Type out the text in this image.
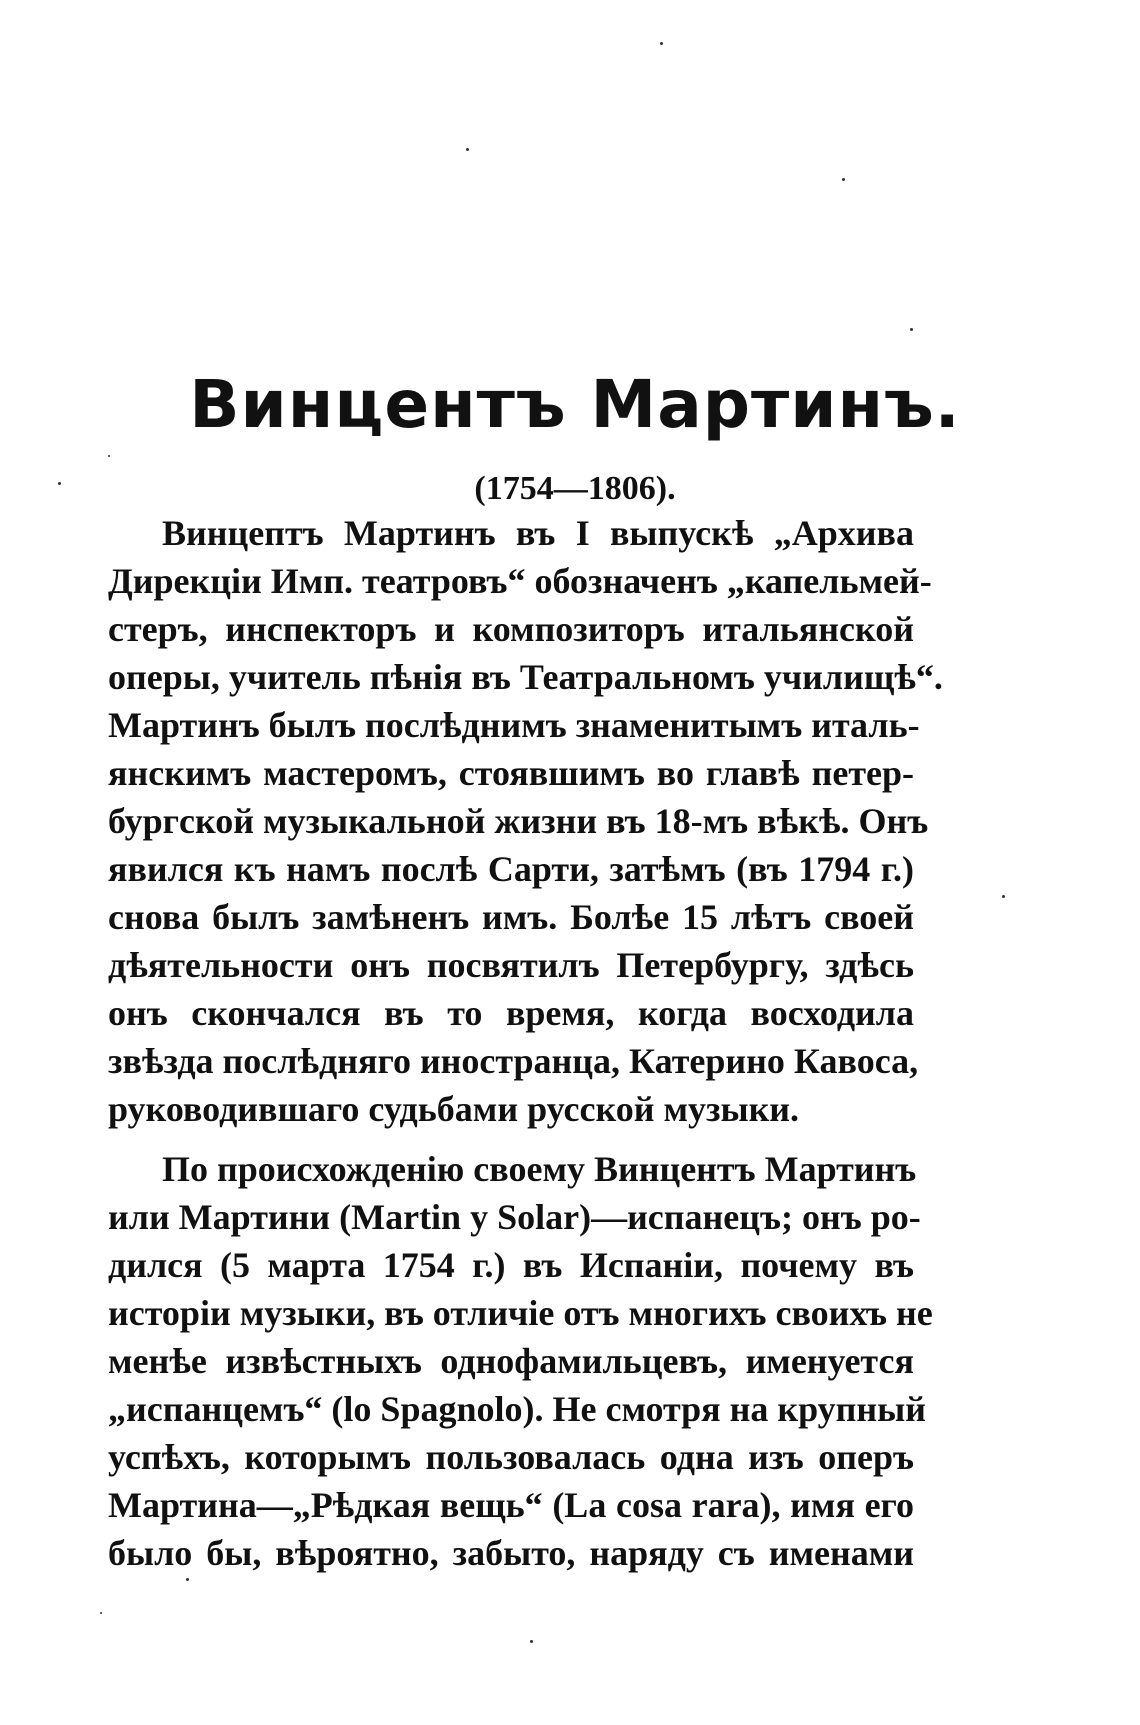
Винцентъ Мартинъ.
(1754—1806).
Винцептъ Мартинъ въ I выпускѣ „Архива
Дирекціи Имп. театровъ“ обозначенъ „капельмей-
стеръ, инспекторъ и композиторъ итальянской
оперы, учитель пѣнія въ Театральномъ училищѣ“.
Мартинъ былъ послѣднимъ знаменитымъ италь-
янскимъ мастеромъ, стоявшимъ во главѣ петер-
бургской музыкальной жизни въ 18-мъ вѣкѣ. Онъ
явился къ намъ послѣ Сарти, затѣмъ (въ 1794 г.)
снова былъ замѣненъ имъ. Болѣе 15 лѣтъ своей
дѣятельности онъ посвятилъ Петербургу, здѣсь
онъ скончался въ то время, когда восходила
звѣзда послѣдняго иностранца, Катерино Кавоса,
руководившаго судьбами русской музыки.
По происхожденію своему Винцентъ Мартинъ
или Мартини (Martin y Solar)—испанецъ; онъ ро-
дился (5 марта 1754 г.) въ Испаніи, почему въ
исторіи музыки, въ отличіе отъ многихъ своихъ не
менѣе извѣстныхъ однофамильцевъ, именуется
„испанцемъ“ (lo Spagnolo). Не смотря на крупный
успѣхъ, которымъ пользовалась одна изъ оперъ
Мартина—„Рѣдкая вещь“ (La cosa rara), имя его
было бы, вѣроятно, забыто, наряду съ именами
